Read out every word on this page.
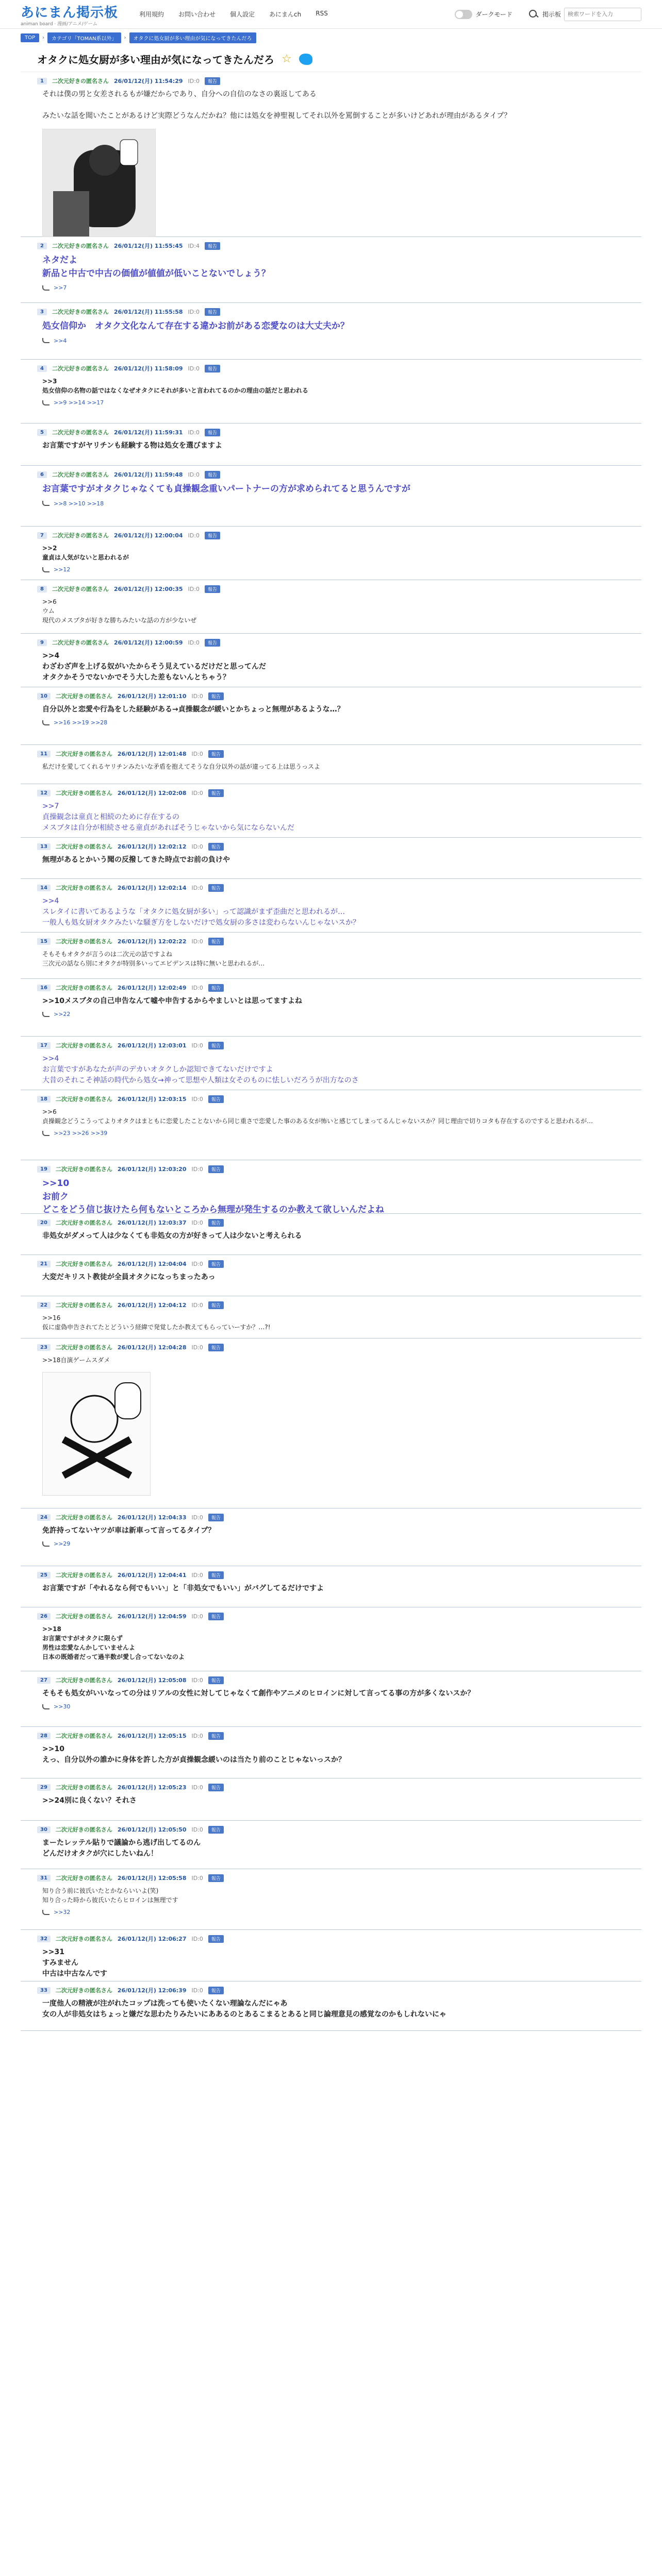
あにまん掲示板
animan board · 漫画/アニメ/ゲーム
利用規約 お問い合わせ 個人設定 あにまんch RSS	ダークモード	掲示板
検索ワードを入力
TOP	›	カテゴリ「TOMAN系以外」	›	オタクに処女厨が多い理由が気になってきたんだろ
オタクに処女厨が多い理由が気になってきたんだろ ☆
1	二次元好きの匿名さん 26/01/12(月) 11:54:29 ID:0	報告
それは僕の男と女差されるもが嫌だからであり、自分への自信のなさの裏返してある

みたいな話を聞いたことがあるけど実際どうなんだかね？他には処女を神聖視してそれ以外を罵倒することが多いけどあれが理由があるタイプ？
2	二次元好きの匿名さん 26/01/12(月) 11:55:45 ID:4	報告
ネタだよ
新品と中古で中古の価値が値値が低いことないでしょう？
>>7
3	二次元好きの匿名さん 26/01/12(月) 11:55:58 ID:0	報告
処女信仰か　オタク文化なんて存在する違かお前がある恋愛なのは大丈夫か？
>>4
4	二次元好きの匿名さん 26/01/12(月) 11:58:09 ID:0	報告
>>3
処女信仰の名物の話ではなくなぜオタクにそれが多いと言われてるのかの理由の話だと思われる
>>9 >>14 >>17
5	二次元好きの匿名さん 26/01/12(月) 11:59:31 ID:0	報告
お言葉ですがヤリチンも経験する物は処女を選びますよ
6	二次元好きの匿名さん 26/01/12(月) 11:59:48 ID:0	報告
お言葉ですがオタクじゃなくても貞操観念重いパートナーの方が求められてると思うんですが
>>8 >>10 >>18
7	二次元好きの匿名さん 26/01/12(月) 12:00:04 ID:0	報告
>>2
童貞は人気がないと思われるが
>>12
8	二次元好きの匿名さん 26/01/12(月) 12:00:35 ID:0	報告
>>6
ウム
現代のメスブタが好きな勝ちみたいな話の方が少ないぜ
9	二次元好きの匿名さん 26/01/12(月) 12:00:59 ID:0	報告
>>4
わざわざ声を上げる奴がいたからそう見えているだけだと思ってんだ
オタクかそうでないかでそう大した差もないんとちゃう？
10	二次元好きの匿名さん 26/01/12(月) 12:01:10 ID:0	報告
自分以外と恋愛や行為をした経験がある→貞操観念が緩いとかちょっと無理があるような…？
>>16 >>19 >>28
11	二次元好きの匿名さん 26/01/12(月) 12:01:48 ID:0	報告
私だけを愛してくれるヤリチンみたいな矛盾を抱えてそうな自分以外の話が違ってる上は思うっスよ
12	二次元好きの匿名さん 26/01/12(月) 12:02:08 ID:0	報告
>>7
貞操観念は童貞と相続のために存在するの
メスブタは自分が相続させる童貞があればそうじゃないから気にならないんだ
13	二次元好きの匿名さん 26/01/12(月) 12:02:12 ID:0	報告
無理があるとかいう聞の反撥してきた時点でお前の負けや
14	二次元好きの匿名さん 26/01/12(月) 12:02:14 ID:0	報告
>>4
スレタイに書いてあるような「オタクに処女厨が多い」って認識がまず歪曲だと思われるが…
一般人も処女厨オタクみたいな騒ぎ方をしないだけで処女厨の多さは変わらないんじゃないスか？
15	二次元好きの匿名さん 26/01/12(月) 12:02:22 ID:0	報告
そもそもオタクが言うのは二次元の話ですよね
三次元の話なら別にオタクが特別多いってエビデンスは特に無いと思われるが…
16	二次元好きの匿名さん 26/01/12(月) 12:02:49 ID:0	報告
>>10メスブタの自己申告なんて嘘や申告するからやましいとは思ってますよね
>>22
17	二次元好きの匿名さん 26/01/12(月) 12:03:01 ID:0	報告
>>4
お言葉ですがあなたが声のデカいオタクしか認知できてないだけですよ
大昔のそれこそ神話の時代から処女→神って思想や人類は女そのものに怯しいだろうが出方なのさ
18	二次元好きの匿名さん 26/01/12(月) 12:03:15 ID:0	報告
>>6
貞操観念どうこうってよりオタクはまともに恋愛したことないから同じ重さで恋愛した事のある女が怖いと感じてしまってるんじゃないスか？同じ理由で切りコタも存在するのですると思われるが…
>>23 >>26 >>39
19	二次元好きの匿名さん 26/01/12(月) 12:03:20 ID:0	報告
>>10
お前ク
どこをどう信じ抜けたら何もないところから無理が発生するのか教えて欲しいんだよね
20	二次元好きの匿名さん 26/01/12(月) 12:03:37 ID:0	報告
非処女がダメって人は少なくても非処女の方が好きって人は少ないと考えられる
21	二次元好きの匿名さん 26/01/12(月) 12:04:04 ID:0	報告
大変だキリスト教徒が全員オタクになっちまったあっ
22	二次元好きの匿名さん 26/01/12(月) 12:04:12 ID:0	報告
>>16
仮に虚偽申告されてたとどういう経緯で発覚したか教えてもらっていーすか？…?!
23	二次元好きの匿名さん 26/01/12(月) 12:04:28 ID:0	報告
>>18自演ゲームスダメ
24	二次元好きの匿名さん 26/01/12(月) 12:04:33 ID:0	報告
免許持ってないヤツが車は新車って言ってるタイプ？
>>29
25	二次元好きの匿名さん 26/01/12(月) 12:04:41 ID:0	報告
お言葉ですが「やれるなら何でもいい」と「非処女でもいい」がバグしてるだけですよ
26	二次元好きの匿名さん 26/01/12(月) 12:04:59 ID:0	報告
>>18
お言葉ですがオタクに限らず
男性は恋愛なんかしていませんよ
日本の既婚者だって過半数が愛し合ってないなのよ
27	二次元好きの匿名さん 26/01/12(月) 12:05:08 ID:0	報告
そもそも処女がいいなっての分はリアルの女性に対してじゃなくて創作やアニメのヒロインに対して言ってる事の方が多くないスか？
>>30
28	二次元好きの匿名さん 26/01/12(月) 12:05:15 ID:0	報告
>>10
えっ、自分以外の誰かに身体を許した方が貞操観念緩いのは当たり前のことじゃないっスか？
29	二次元好きの匿名さん 26/01/12(月) 12:05:23 ID:0	報告
>>24別に良くない？それさ
30	二次元好きの匿名さん 26/01/12(月) 12:05:50 ID:0	報告
まーたレッテル貼りで議論から逃げ出してるのん
どんだけオタクが穴にしたいねん！
31	二次元好きの匿名さん 26/01/12(月) 12:05:58 ID:0	報告
知り合う前に彼氏いたとかならいいよ(笑)
知り合った時から彼氏いたらヒロインは無理です
>>32
32	二次元好きの匿名さん 26/01/12(月) 12:06:27 ID:0	報告
>>31
すみません
中古は中古なんです
33	二次元好きの匿名さん 26/01/12(月) 12:06:39 ID:0	報告
一度他人の精液が注がれたコップは洗っても使いたくない理論なんだにゃあ
女の人が非処女はちょっと嫌だな思わたりみたいにああるのとあるこまるとあると同じ論理意見の感覚なのかもしれないにゃ
